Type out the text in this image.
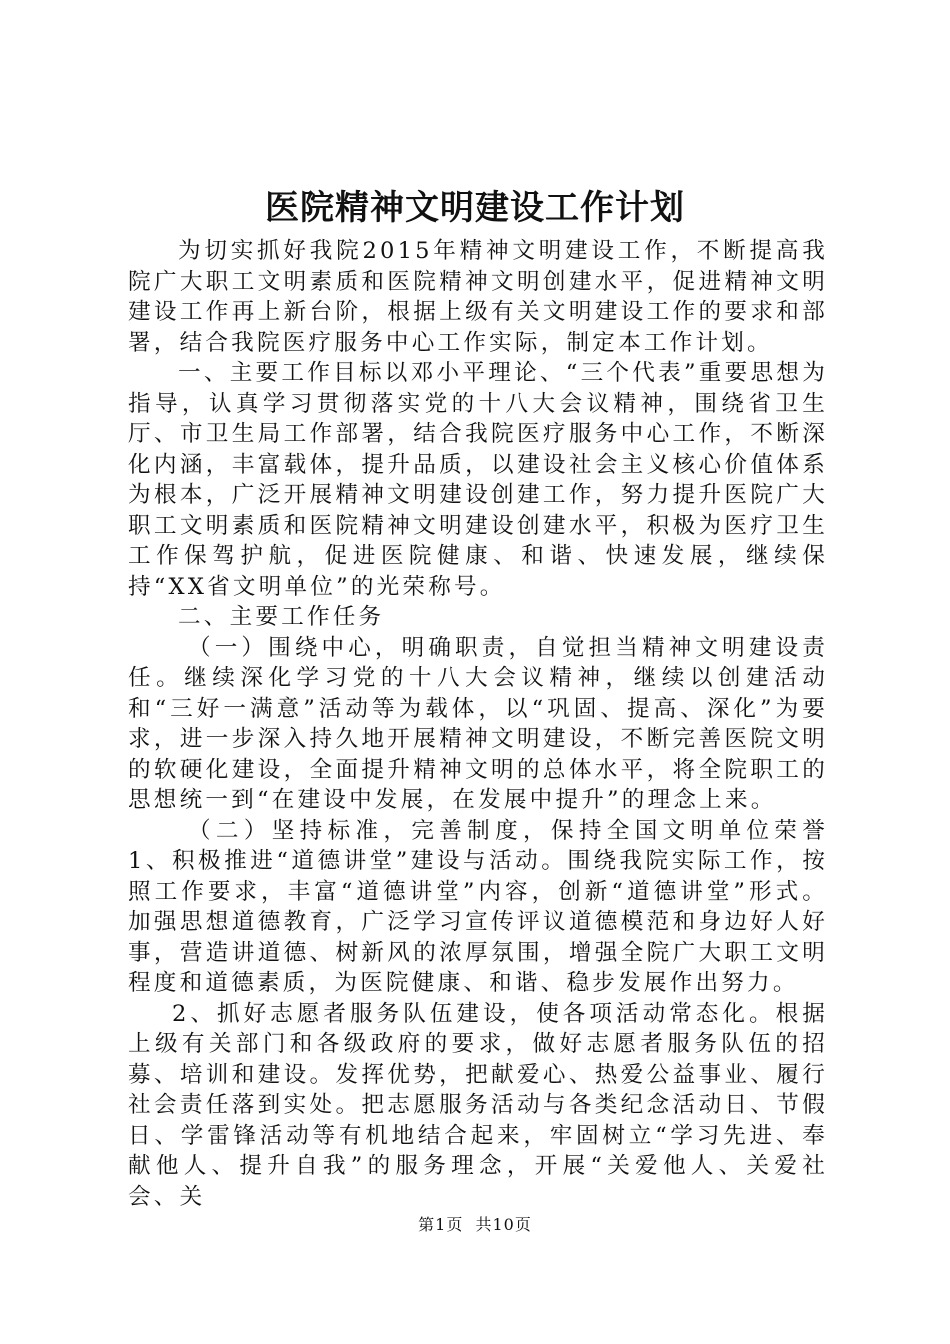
医院精神文明建设工作计划

为切实抓好我院2015年精神文明建设工作，不断提高我院广大职工文明素质和医院精神文明创建水平，促进精神文明建设工作再上新台阶，根据上级有关文明建设工作的要求和部署，结合我院医疗服务中心工作实际，制定本工作计划。

一、主要工作目标以邓小平理论、“三个代表”重要思想为指导，认真学习贯彻落实党的十八大会议精神，围绕省卫生厅、市卫生局工作部署，结合我院医疗服务中心工作，不断深化内涵，丰富载体，提升品质，以建设社会主义核心价值体系为根本，广泛开展精神文明建设创建工作，努力提升医院广大职工文明素质和医院精神文明建设创建水平，积极为医疗卫生工作保驾护航，促进医院健康、和谐、快速发展，继续保持“XX省文明单位”的光荣称号。

二、主要工作任务

（一）围绕中心，明确职责，自觉担当精神文明建设责任。继续深化学习党的十八大会议精神，继续以创建活动和“三好一满意”活动等为载体，以“巩固、提高、深化”为要求，进一步深入持久地开展精神文明建设，不断完善医院文明的软硬化建设，全面提升精神文明的总体水平，将全院职工的思想统一到“在建设中发展，在发展中提升”的理念上来。

（二）坚持标准，完善制度，保持全国文明单位荣誉 1、积极推进“道德讲堂”建设与活动。围绕我院实际工作，按照工作要求，丰富“道德讲堂”内容，创新“道德讲堂”形式。加强思想道德教育，广泛学习宣传评议道德模范和身边好人好事，营造讲道德、树新风的浓厚氛围，增强全院广大职工文明程度和道德素质，为医院健康、和谐、稳步发展作出努力。

2、抓好志愿者服务队伍建设，使各项活动常态化。根据上级有关部门和各级政府的要求，做好志愿者服务队伍的招募、培训和建设。发挥优势，把献爱心、热爱公益事业、履行社会责任落到实处。把志愿服务活动与各类纪念活动日、节假日、学雷锋活动等有机地结合起来，牢固树立“学习先进、奉献他人、提升自我”的服务理念，开展“关爱他人、关爱社会、关

第1页 共10页
